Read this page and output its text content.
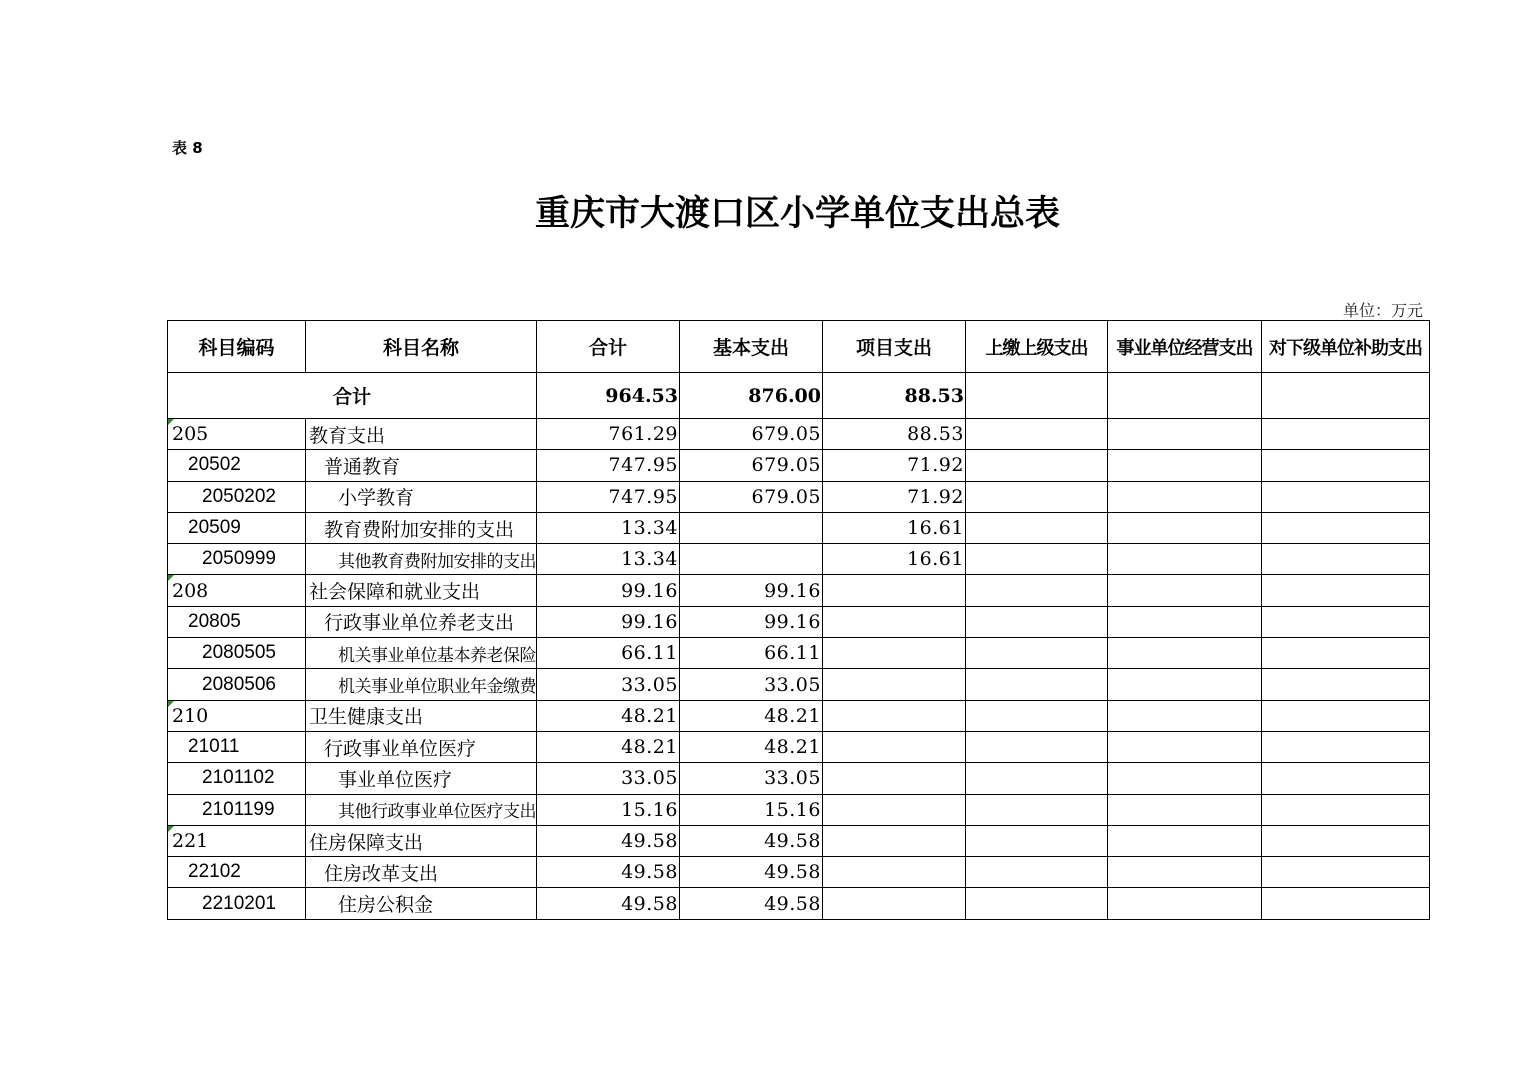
表 8
重庆市大渡口区小学单位支出总表
单位：万元
科目编码	科目名称	合计	基本支出	项目支出	上缴上级支出	事业单位经营支出	对下级单位补助支出
合计		964.53	876.00	88.53			

205	教育支出	761.29	679.05	88.53			
20502	普通教育	747.95	679.05	71.92			
2050202	小学教育	747.95	679.05	71.92			
20509	教育费附加安排的支出	13.34		16.61			
2050999	其他教育费附加安排的支出	13.34		16.61			

208	社会保障和就业支出	99.16	99.16				
20805	行政事业单位养老支出	99.16	99.16				
2080505	机关事业单位基本养老保险	66.11	66.11				
2080506	机关事业单位职业年金缴费	33.05	33.05				

210	卫生健康支出	48.21	48.21				
21011	行政事业单位医疗	48.21	48.21				
2101102	事业单位医疗	33.05	33.05				
2101199	其他行政事业单位医疗支出	15.16	15.16				

221	住房保障支出	49.58	49.58				
22102	住房改革支出	49.58	49.58				
2210201	住房公积金	49.58	49.58				
